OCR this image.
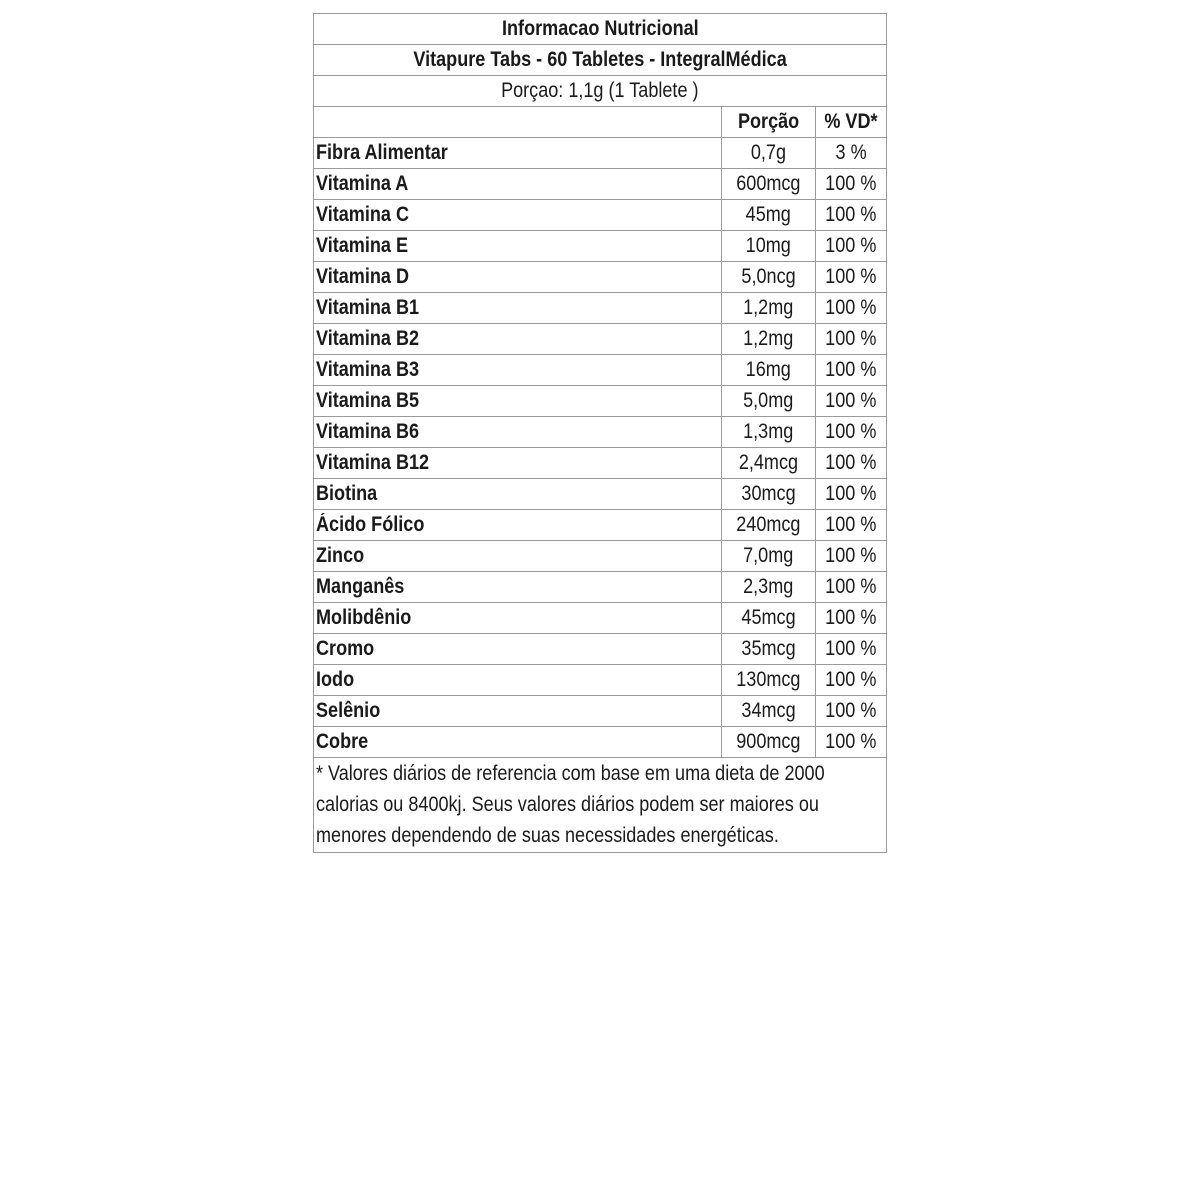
Informacao Nutricional		
Vitapure Tabs - 60 Tabletes - IntegralMédica		
Porçao: 1,1g (1 Tablete )		
	Porção	% VD*
Fibra Alimentar	0,7g	3 %
Vitamina A	600mcg	100 %
Vitamina C	45mg	100 %
Vitamina E	10mg	100 %
Vitamina D	5,0ncg	100 %
Vitamina B1	1,2mg	100 %
Vitamina B2	1,2mg	100 %
Vitamina B3	16mg	100 %
Vitamina B5	5,0mg	100 %
Vitamina B6	1,3mg	100 %
Vitamina B12	2,4mcg	100 %
Biotina	30mcg	100 %
Ácido Fólico	240mcg	100 %
Zinco	7,0mg	100 %
Manganês	2,3mg	100 %
Molibdênio	45mcg	100 %
Cromo	35mcg	100 %
Iodo	130mcg	100 %
Selênio	34mcg	100 %
Cobre	900mcg	100 %

* Valores diários de referencia com base em uma dieta de 2000
calorias ou 8400kj. Seus valores diários podem ser maiores ou
menores dependendo de suas necessidades energéticas.		
